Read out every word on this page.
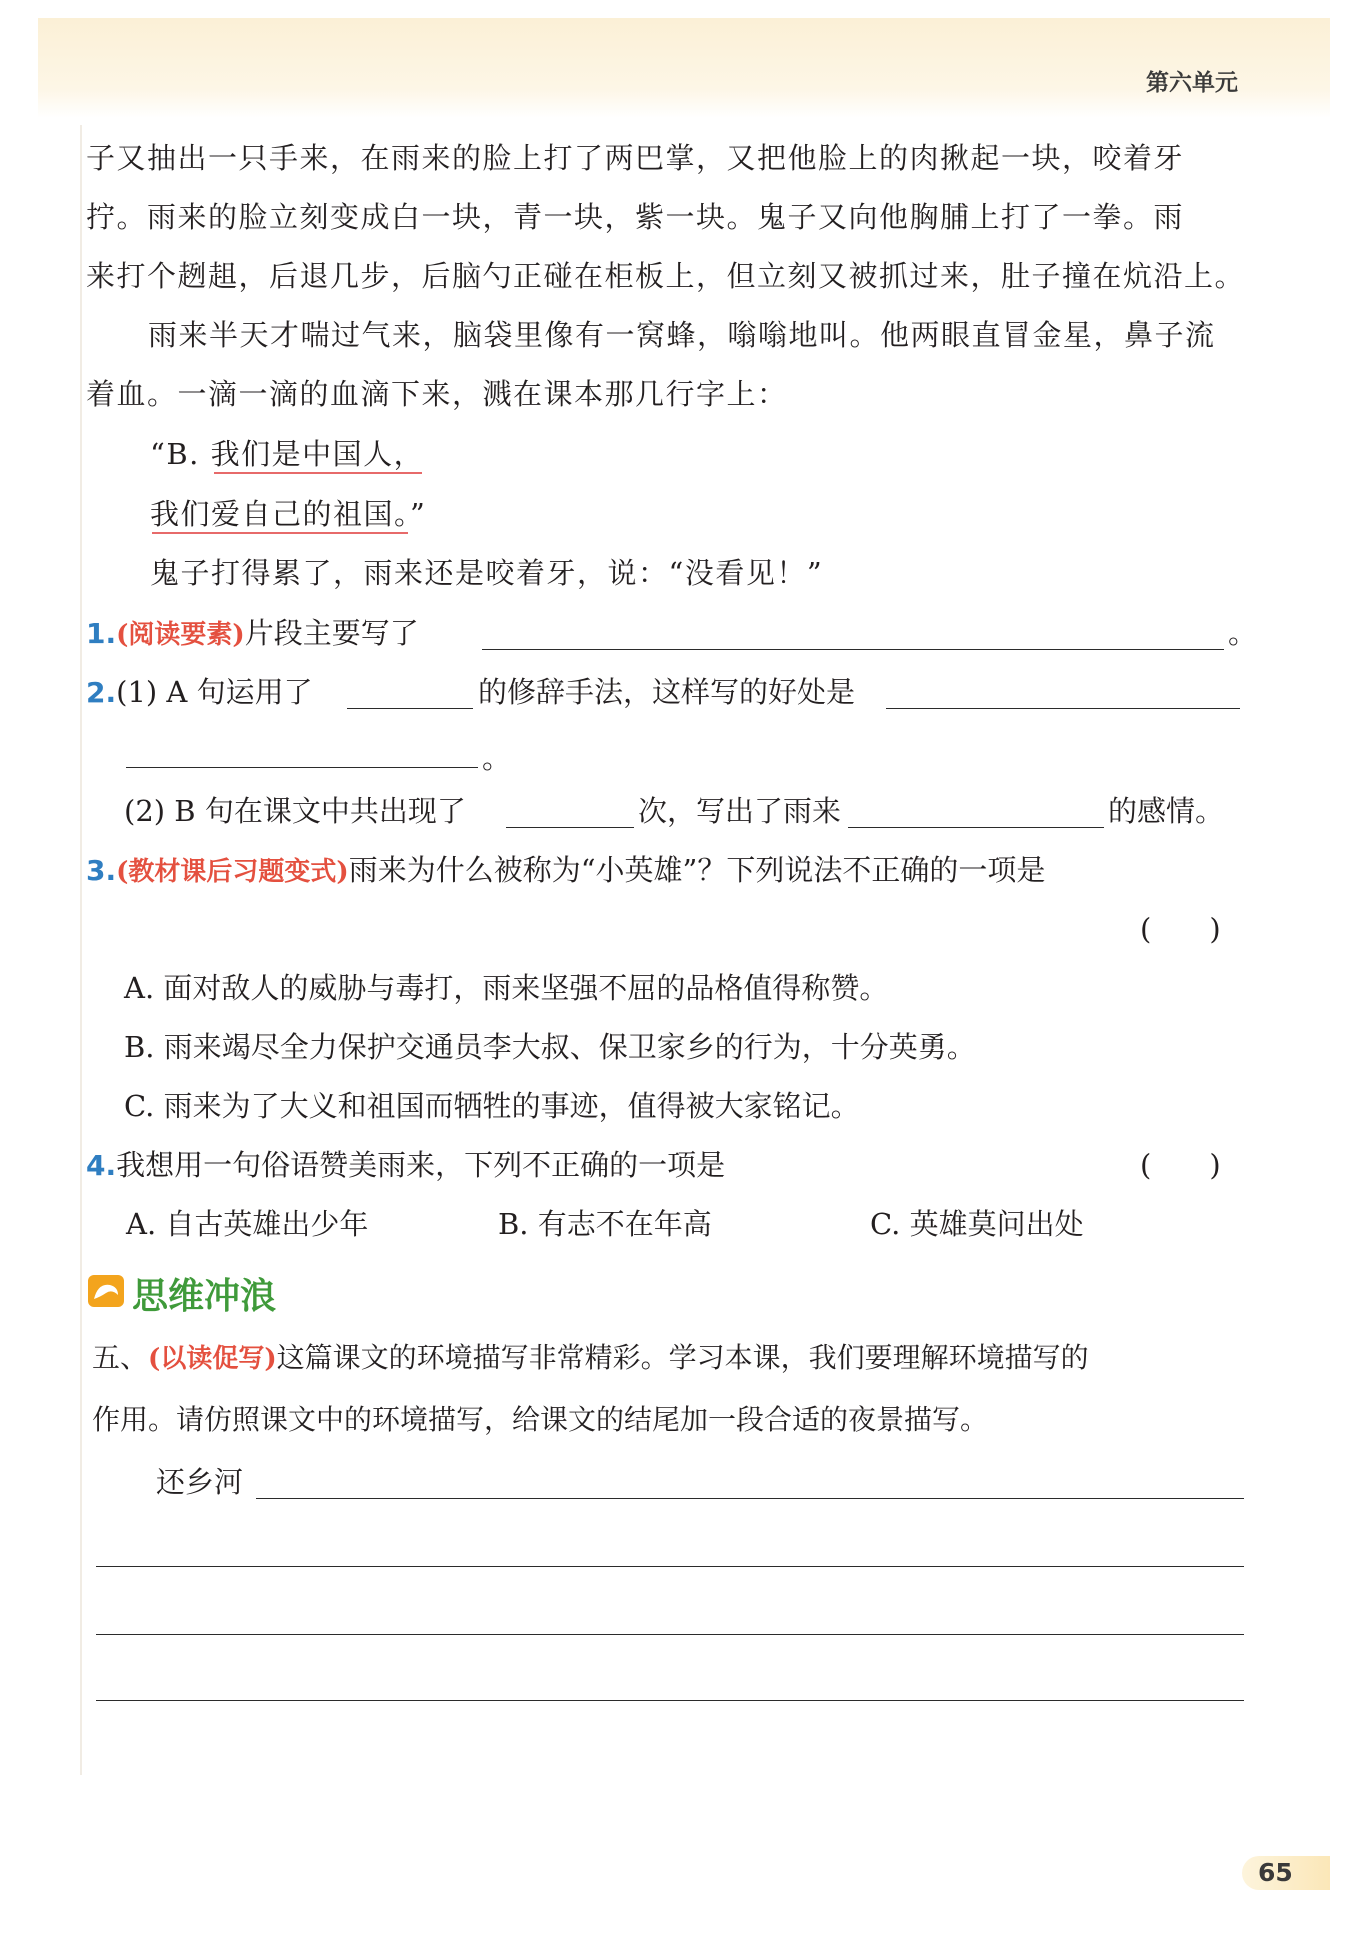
第六单元
子又抽出一只手来，在雨来的脸上打了两巴掌，又把他脸上的肉揪起一块，咬着牙
拧。雨来的脸立刻变成白一块，青一块，紫一块。鬼子又向他胸脯上打了一拳。雨
来打个趔趄，后退几步，后脑勺正碰在柜板上，但立刻又被抓过来，肚子撞在炕沿上。
雨来半天才喘过气来，脑袋里像有一窝蜂，嗡嗡地叫。他两眼直冒金星，鼻子流
着血。一滴一滴的血滴下来，溅在课本那几行字上：
“B. 我们是中国人，
我们爱自己的祖国。”
鬼子打得累了，雨来还是咬着牙，说：“没看见！”
1.(阅读要素)片段主要写了	。
2.(1) A 句运用了	的修辞手法，这样写的好处是
。
(2) B 句在课文中共出现了	次，写出了雨来	的感情。
3.(教材课后习题变式)雨来为什么被称为“小英雄”？下列说法不正确的一项是
(　　)
A. 面对敌人的威胁与毒打，雨来坚强不屈的品格值得称赞。
B. 雨来竭尽全力保护交通员李大叔、保卫家乡的行为，十分英勇。
C. 雨来为了大义和祖国而牺牲的事迹，值得被大家铭记。
4.我想用一句俗语赞美雨来，下列不正确的一项是	(　　)
A. 自古英雄出少年	B. 有志不在年高	C. 英雄莫问出处
思维冲浪
五、(以读促写)这篇课文的环境描写非常精彩。学习本课，我们要理解环境描写的
作用。请仿照课文中的环境描写，给课文的结尾加一段合适的夜景描写。
还乡河
65
